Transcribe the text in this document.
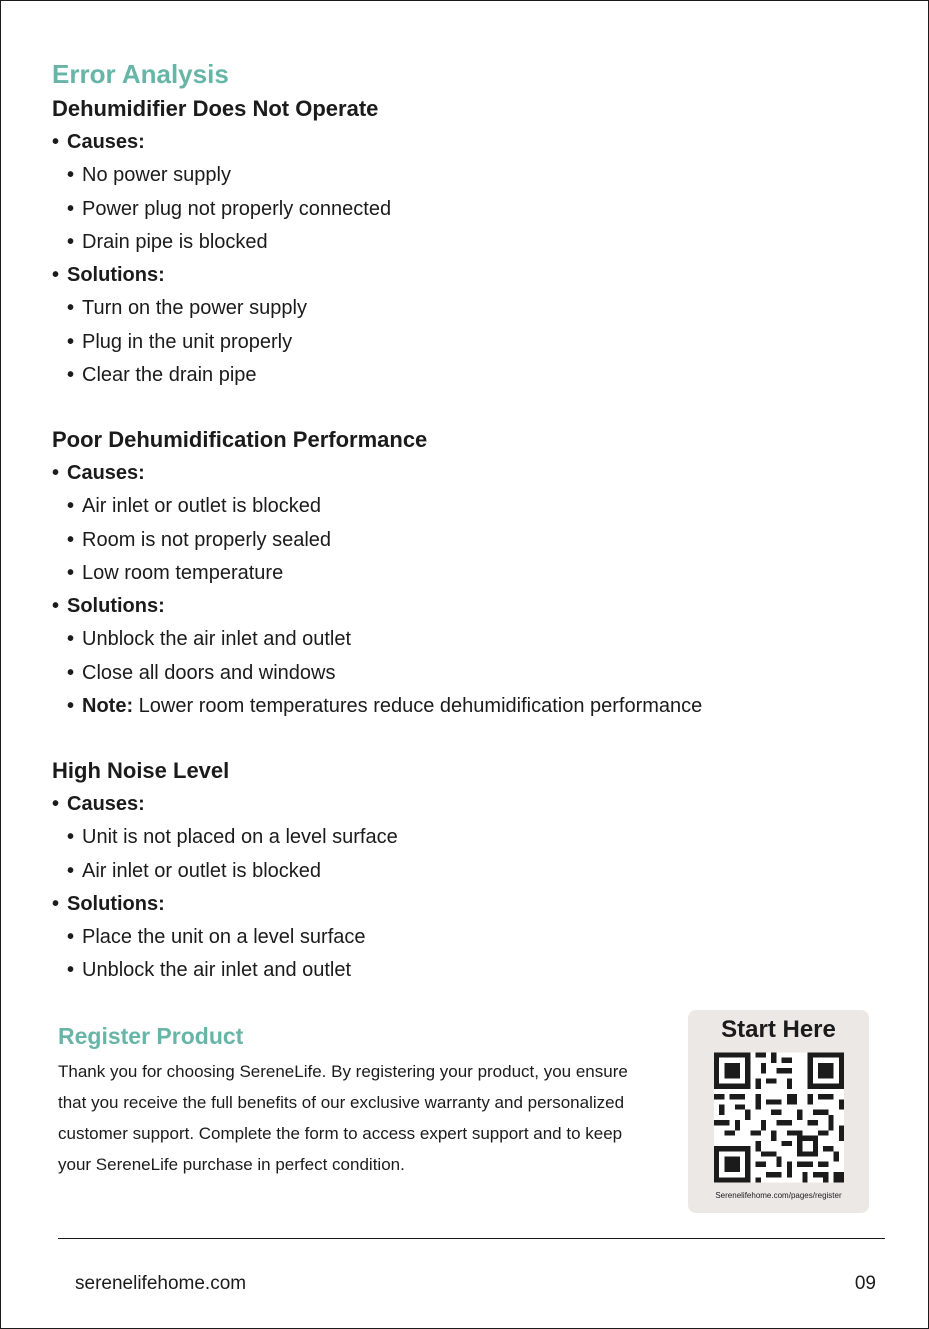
Error Analysis
Dehumidifier Does Not Operate
• Causes:
• No power supply
• Power plug not properly connected
• Drain pipe is blocked
• Solutions:
• Turn on the power supply
• Plug in the unit properly
• Clear the drain pipe
Poor Dehumidification Performance
• Causes:
• Air inlet or outlet is blocked
• Room is not properly sealed
• Low room temperature
• Solutions:
• Unblock the air inlet and outlet
• Close all doors and windows
• Note: Lower room temperatures reduce dehumidification performance
High Noise Level
• Causes:
• Unit is not placed on a level surface
• Air inlet or outlet is blocked
• Solutions:
• Place the unit on a level surface
• Unblock the air inlet and outlet
Register Product

Thank you for choosing SereneLife. By registering your product, you ensure that you receive the full benefits of our exclusive warranty and personalized customer support. Complete the form to access expert support and to keep your SereneLife purchase in perfect condition.

Start Here
Serenelifehome.com/pages/register
serenelifehome.com	09
